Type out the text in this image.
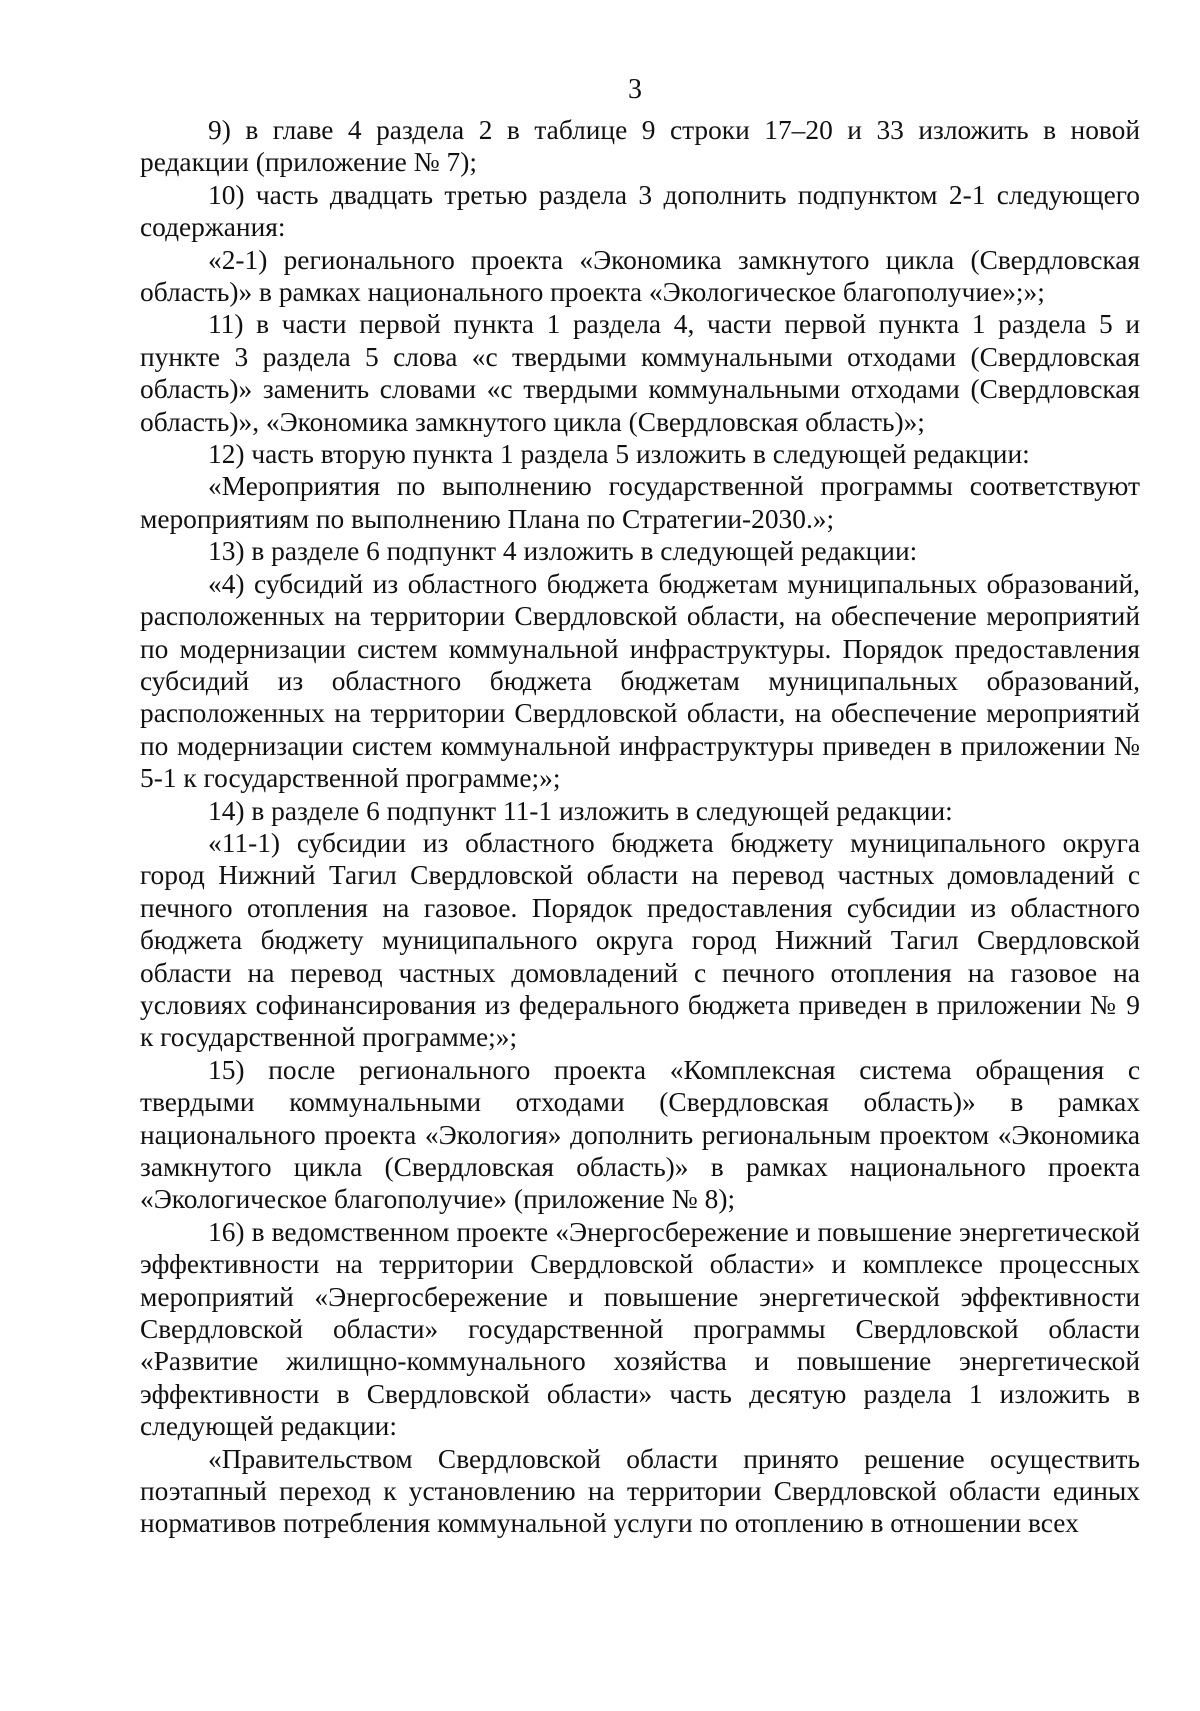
3

9) в главе 4 раздела 2 в таблице 9 строки 17–20 и 33 изложить в новой редакции (приложение № 7);

10) часть двадцать третью раздела 3 дополнить подпунктом 2-1 следующего содержания:

«2-1) регионального проекта «Экономика замкнутого цикла (Свердловская область)» в рамках национального проекта «Экологическое благополучие»;»;

11) в части первой пункта 1 раздела 4, части первой пункта 1 раздела 5 и пункте 3 раздела 5 слова «с твердыми коммунальными отходами (Свердловская область)» заменить словами «с твердыми коммунальными отходами (Свердловская область)», «Экономика замкнутого цикла (Свердловская область)»;

12) часть вторую пункта 1 раздела 5 изложить в следующей редакции:

«Мероприятия по выполнению государственной программы соответствуют мероприятиям по выполнению Плана по Стратегии-2030.»;

13) в разделе 6 подпункт 4 изложить в следующей редакции:

«4) субсидий из областного бюджета бюджетам муниципальных образований, расположенных на территории Свердловской области, на обеспечение мероприятий по модернизации систем коммунальной инфраструктуры. Порядок предоставления субсидий из областного бюджета бюджетам муниципальных образований, расположенных на территории Свердловской области, на обеспечение мероприятий по модернизации систем коммунальной инфраструктуры приведен в приложении № 5-1 к государственной программе;»;

14) в разделе 6 подпункт 11-1 изложить в следующей редакции:

«11-1) субсидии из областного бюджета бюджету муниципального округа город Нижний Тагил Свердловской области на перевод частных домовладений с печного отопления на газовое. Порядок предоставления субсидии из областного бюджета бюджету муниципального округа город Нижний Тагил Свердловской области на перевод частных домовладений с печного отопления на газовое на условиях софинансирования из федерального бюджета приведен в приложении № 9 к государственной программе;»;

15) после регионального проекта «Комплексная система обращения с твердыми коммунальными отходами (Свердловская область)» в рамках национального проекта «Экология» дополнить региональным проектом «Экономика замкнутого цикла (Свердловская область)» в рамках национального проекта «Экологическое благополучие» (приложение № 8);

16) в ведомственном проекте «Энергосбережение и повышение энергетической эффективности на территории Свердловской области» и комплексе процессных мероприятий «Энергосбережение и повышение энергетической эффективности Свердловской области» государственной программы Свердловской области «Развитие жилищно-коммунального хозяйства и повышение энергетической эффективности в Свердловской области» часть десятую раздела 1 изложить в следующей редакции:

«Правительством Свердловской области принято решение осуществить поэтапный переход к установлению на территории Свердловской области единых нормативов потребления коммунальной услуги по отоплению в отношении всех
